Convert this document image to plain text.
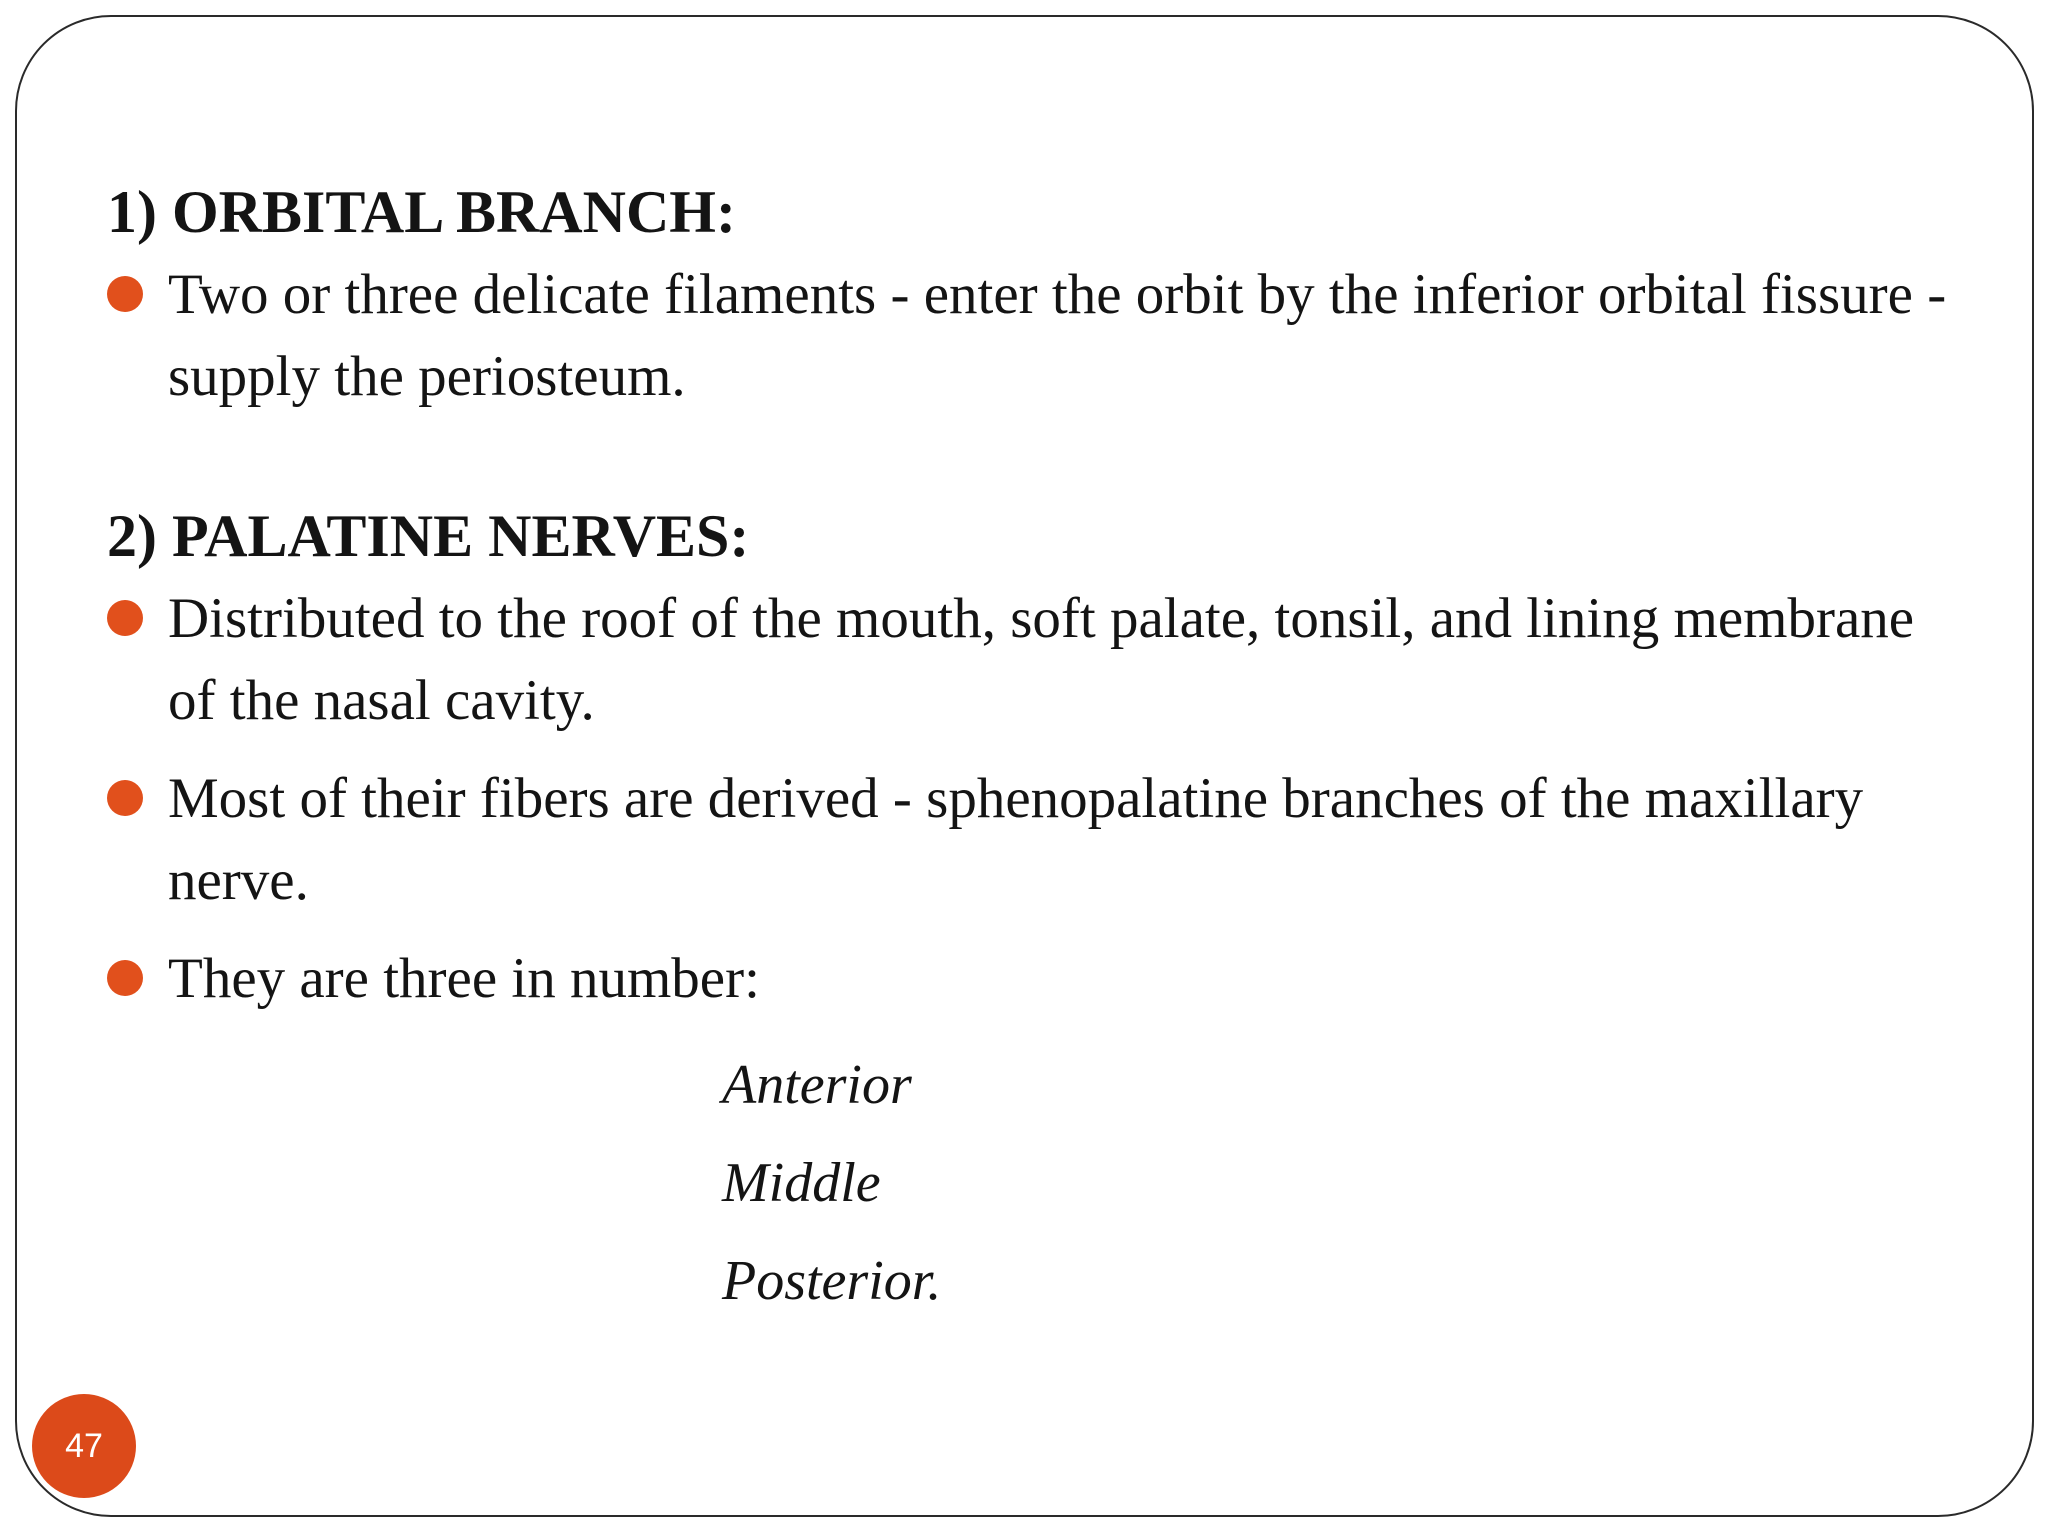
1) ORBITAL BRANCH:
Two or three delicate filaments - enter the orbit by the inferior orbital fissure - supply the periosteum.
2) PALATINE NERVES:
Distributed to the roof of the mouth, soft palate, tonsil, and lining membrane of the nasal cavity.
Most of their fibers are derived - sphenopalatine branches of the maxillary nerve.
They are three in number:
Anterior
Middle
Posterior.
47
